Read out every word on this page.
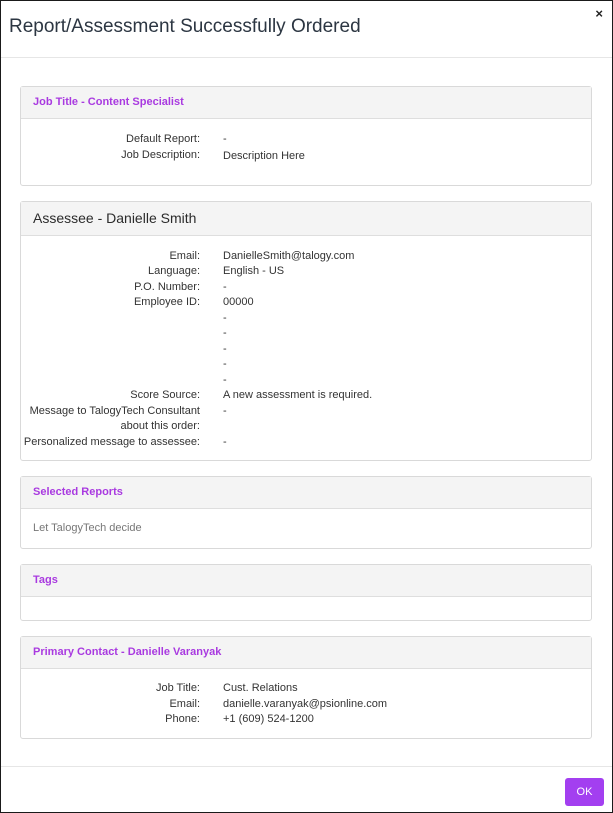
Report/Assessment Successfully Ordered
×
Job Title - Content Specialist
Default Report: -
Job Description: Description Here
Assessee - Danielle Smith
Email: DanielleSmith@talogy.com
Language: English - US
P.O. Number: -
Employee ID: 00000
-
-
-
-
-
Score Source: A new assessment is required.
Message to TalogyTech Consultant -
about this order:
Personalized message to assessee: -
Selected Reports
Let TalogyTech decide
Tags
Primary Contact - Danielle Varanyak
Job Title: Cust. Relations
Email: danielle.varanyak@psionline.com
Phone: +1 (609) 524-1200
OK
